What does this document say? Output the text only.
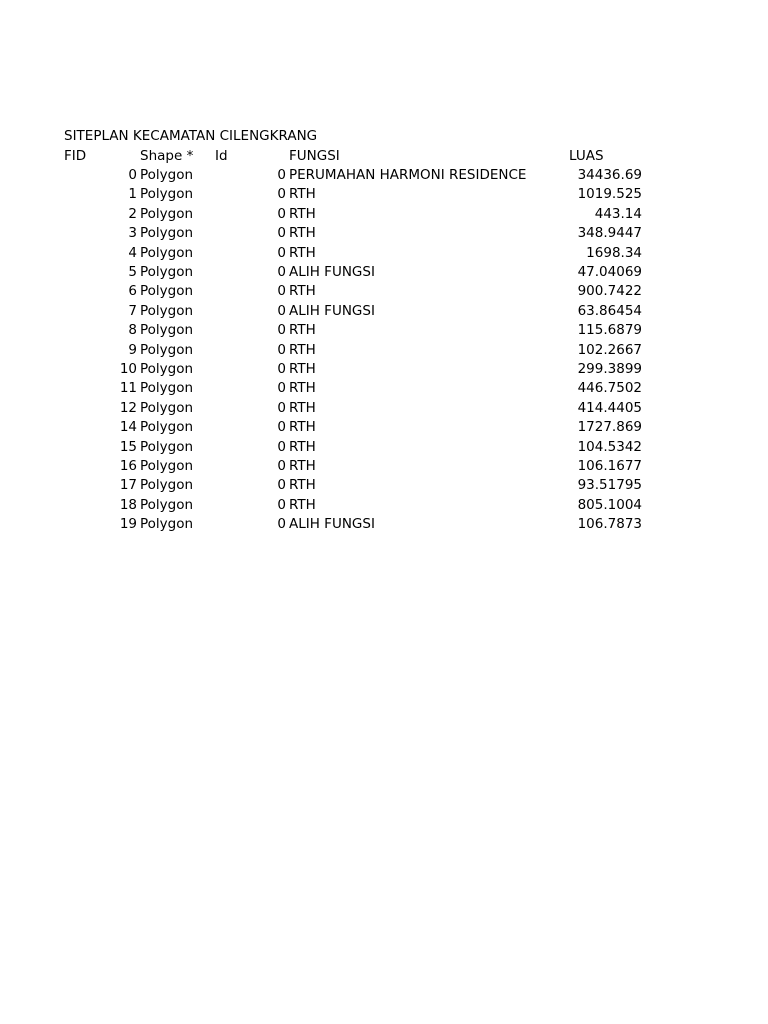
SITEPLAN KECAMATAN CILENGKRANG
FID	Shape * Id	FUNGSI	LUAS
0 Polygon	0 PERUMAHAN HARMONI RESIDENCE	34436.69
1 Polygon	0 RTH	1019.525
2 Polygon	0 RTH	443.14
3 Polygon	0 RTH	348.9447
4 Polygon	0 RTH	1698.34
5 Polygon	0 ALIH FUNGSI	47.04069
6 Polygon	0 RTH	900.7422
7 Polygon	0 ALIH FUNGSI	63.86454
8 Polygon	0 RTH	115.6879
9 Polygon	0 RTH	102.2667
10 Polygon	0 RTH	299.3899
11 Polygon	0 RTH	446.7502
12 Polygon	0 RTH	414.4405
14 Polygon	0 RTH	1727.869
15 Polygon	0 RTH	104.5342
16 Polygon	0 RTH	106.1677
17 Polygon	0 RTH	93.51795
18 Polygon	0 RTH	805.1004
19 Polygon	0 ALIH FUNGSI	106.7873
